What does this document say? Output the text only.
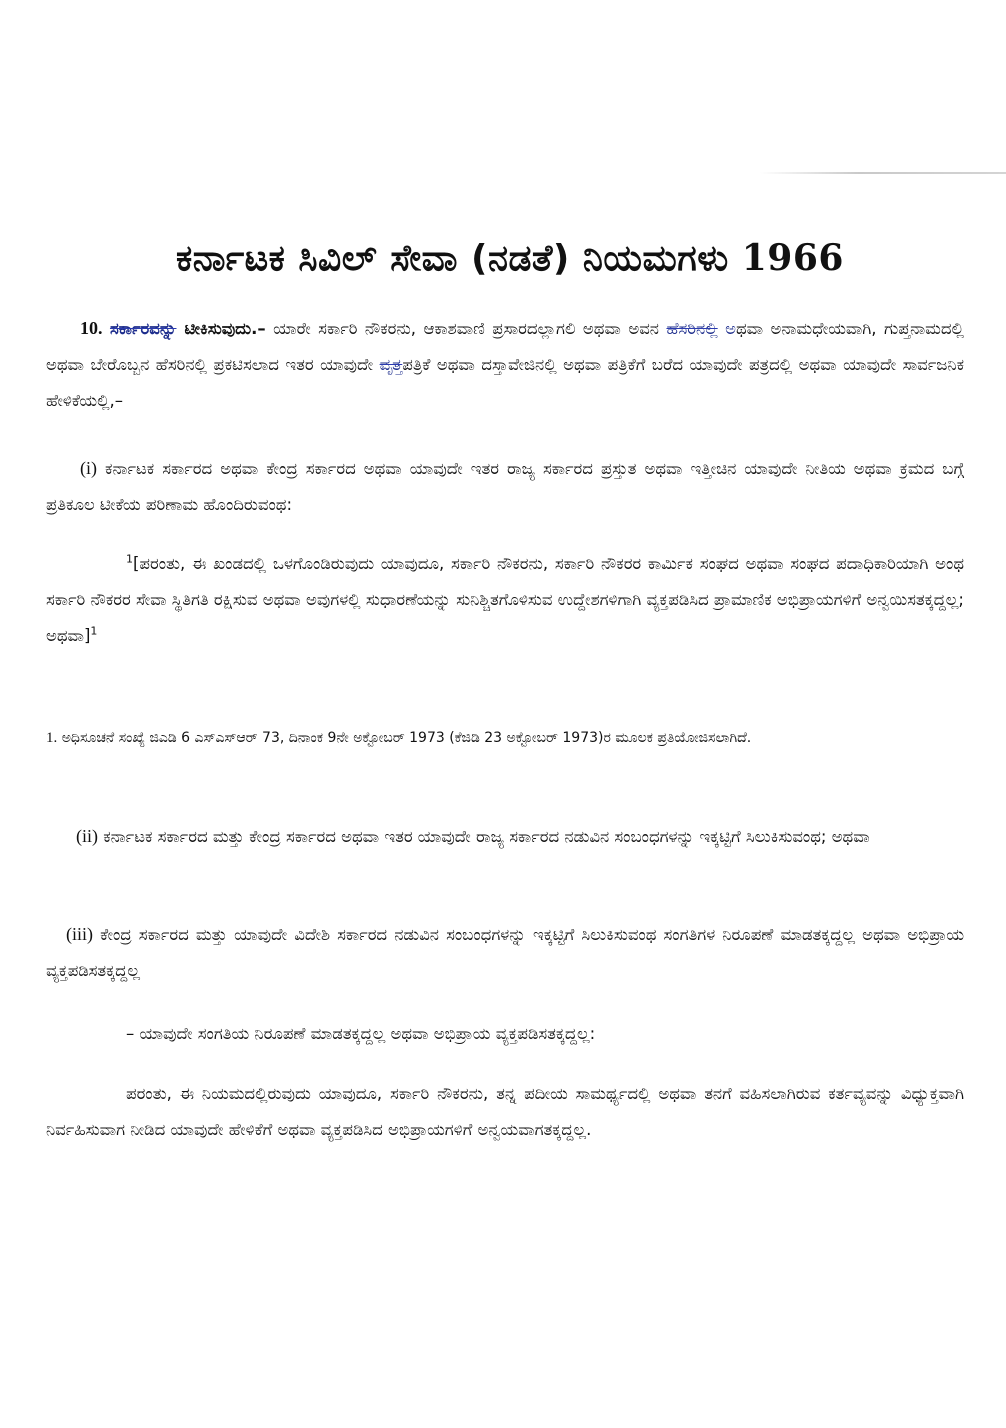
ಕರ್ನಾಟಕ ಸಿವಿಲ್ ಸೇವಾ (ನಡತೆ) ನಿಯಮಗಳು 1966

10. ಸರ್ಕಾರವನ್ನು ಟೀಕಿಸುವುದು.– ಯಾರೇ ಸರ್ಕಾರಿ ನೌಕರನು, ಆಕಾಶವಾಣಿ ಪ್ರಸಾರದಲ್ಲಾಗಲಿ ಅಥವಾ ಅವನ ಹೆಸರಿನಲ್ಲಿ ಅಥವಾ ಅನಾಮಧೇಯವಾಗಿ, ಗುಪ್ತನಾಮದಲ್ಲಿ ಅಥವಾ ಬೇರೊಬ್ಬನ ಹೆಸರಿನಲ್ಲಿ ಪ್ರಕಟಿಸಲಾದ ಇತರ ಯಾವುದೇ ವೃತ್ತಪತ್ರಿಕೆ ಅಥವಾ ದಸ್ತಾವೇಜಿನಲ್ಲಿ ಅಥವಾ ಪತ್ರಿಕೆಗೆ ಬರೆದ ಯಾವುದೇ ಪತ್ರದಲ್ಲಿ ಅಥವಾ ಯಾವುದೇ ಸಾರ್ವಜನಿಕ ಹೇಳಿಕೆಯಲ್ಲಿ,–

(i) ಕರ್ನಾಟಕ ಸರ್ಕಾರದ ಅಥವಾ ಕೇಂದ್ರ ಸರ್ಕಾರದ ಅಥವಾ ಯಾವುದೇ ಇತರ ರಾಜ್ಯ ಸರ್ಕಾರದ ಪ್ರಸ್ತುತ ಅಥವಾ ಇತ್ತೀಚಿನ ಯಾವುದೇ ನೀತಿಯ ಅಥವಾ ಕ್ರಮದ ಬಗ್ಗೆ ಪ್ರತಿಕೂಲ ಟೀಕೆಯ ಪರಿಣಾಮ ಹೊಂದಿರುವಂಥ:

$^1$[ಪರಂತು, ಈ ಖಂಡದಲ್ಲಿ ಒಳಗೊಂಡಿರುವುದು ಯಾವುದೂ, ಸರ್ಕಾರಿ ನೌಕರನು, ಸರ್ಕಾರಿ ನೌಕರರ ಕಾರ್ಮಿಕ ಸಂಘದ ಅಥವಾ ಸಂಘದ ಪದಾಧಿಕಾರಿಯಾಗಿ ಅಂಥ ಸರ್ಕಾರಿ ನೌಕರರ ಸೇವಾ ಸ್ಥಿತಿಗತಿ ರಕ್ಷಿಸುವ ಅಥವಾ ಅವುಗಳಲ್ಲಿ ಸುಧಾರಣೆಯನ್ನು ಸುನಿಶ್ಚಿತಗೊಳಿಸುವ ಉದ್ದೇಶಗಳಿಗಾಗಿ ವ್ಯಕ್ತಪಡಿಸಿದ ಪ್ರಾಮಾಣಿಕ ಅಭಿಪ್ರಾಯಗಳಿಗೆ ಅನ್ವಯಿಸತಕ್ಕದ್ದಲ್ಲ; ಅಥವಾ]$^1$

1. ಅಧಿಸೂಚನೆ ಸಂಖ್ಯೆ ಜಿಎಡಿ 6 ಎಸ್‌ಎಸ್‌ಆರ್ 73, ದಿನಾಂಕ 9ನೇ ಅಕ್ಟೋಬರ್ 1973 (ಕೆಜಿಡಿ 23 ಅಕ್ಟೋಬರ್ 1973)ರ ಮೂಲಕ ಪ್ರತಿಯೋಜಿಸಲಾಗಿದೆ.

(ii) ಕರ್ನಾಟಕ ಸರ್ಕಾರದ ಮತ್ತು ಕೇಂದ್ರ ಸರ್ಕಾರದ ಅಥವಾ ಇತರ ಯಾವುದೇ ರಾಜ್ಯ ಸರ್ಕಾರದ ನಡುವಿನ ಸಂಬಂಧಗಳನ್ನು ಇಕ್ಕಟ್ಟಿಗೆ ಸಿಲುಕಿಸುವಂಥ; ಅಥವಾ

(iii) ಕೇಂದ್ರ ಸರ್ಕಾರದ ಮತ್ತು ಯಾವುದೇ ವಿದೇಶಿ ಸರ್ಕಾರದ ನಡುವಿನ ಸಂಬಂಧಗಳನ್ನು ಇಕ್ಕಟ್ಟಿಗೆ ಸಿಲುಕಿಸುವಂಥ ಸಂಗತಿಗಳ ನಿರೂಪಣೆ ಮಾಡತಕ್ಕದ್ದಲ್ಲ ಅಥವಾ ಅಭಿಪ್ರಾಯ ವ್ಯಕ್ತಪಡಿಸತಕ್ಕದ್ದಲ್ಲ

– ಯಾವುದೇ ಸಂಗತಿಯ ನಿರೂಪಣೆ ಮಾಡತಕ್ಕದ್ದಲ್ಲ ಅಥವಾ ಅಭಿಪ್ರಾಯ ವ್ಯಕ್ತಪಡಿಸತಕ್ಕದ್ದಲ್ಲ:

ಪರಂತು, ಈ ನಿಯಮದಲ್ಲಿರುವುದು ಯಾವುದೂ, ಸರ್ಕಾರಿ ನೌಕರನು, ತನ್ನ ಪದೀಯ ಸಾಮರ್ಥ್ಯದಲ್ಲಿ ಅಥವಾ ತನಗೆ ವಹಿಸಲಾಗಿರುವ ಕರ್ತವ್ಯವನ್ನು ವಿಧ್ಯುಕ್ತವಾಗಿ ನಿರ್ವಹಿಸುವಾಗ ನೀಡಿದ ಯಾವುದೇ ಹೇಳಿಕೆಗೆ ಅಥವಾ ವ್ಯಕ್ತಪಡಿಸಿದ ಅಭಿಪ್ರಾಯಗಳಿಗೆ ಅನ್ವಯವಾಗತಕ್ಕದ್ದಲ್ಲ.
